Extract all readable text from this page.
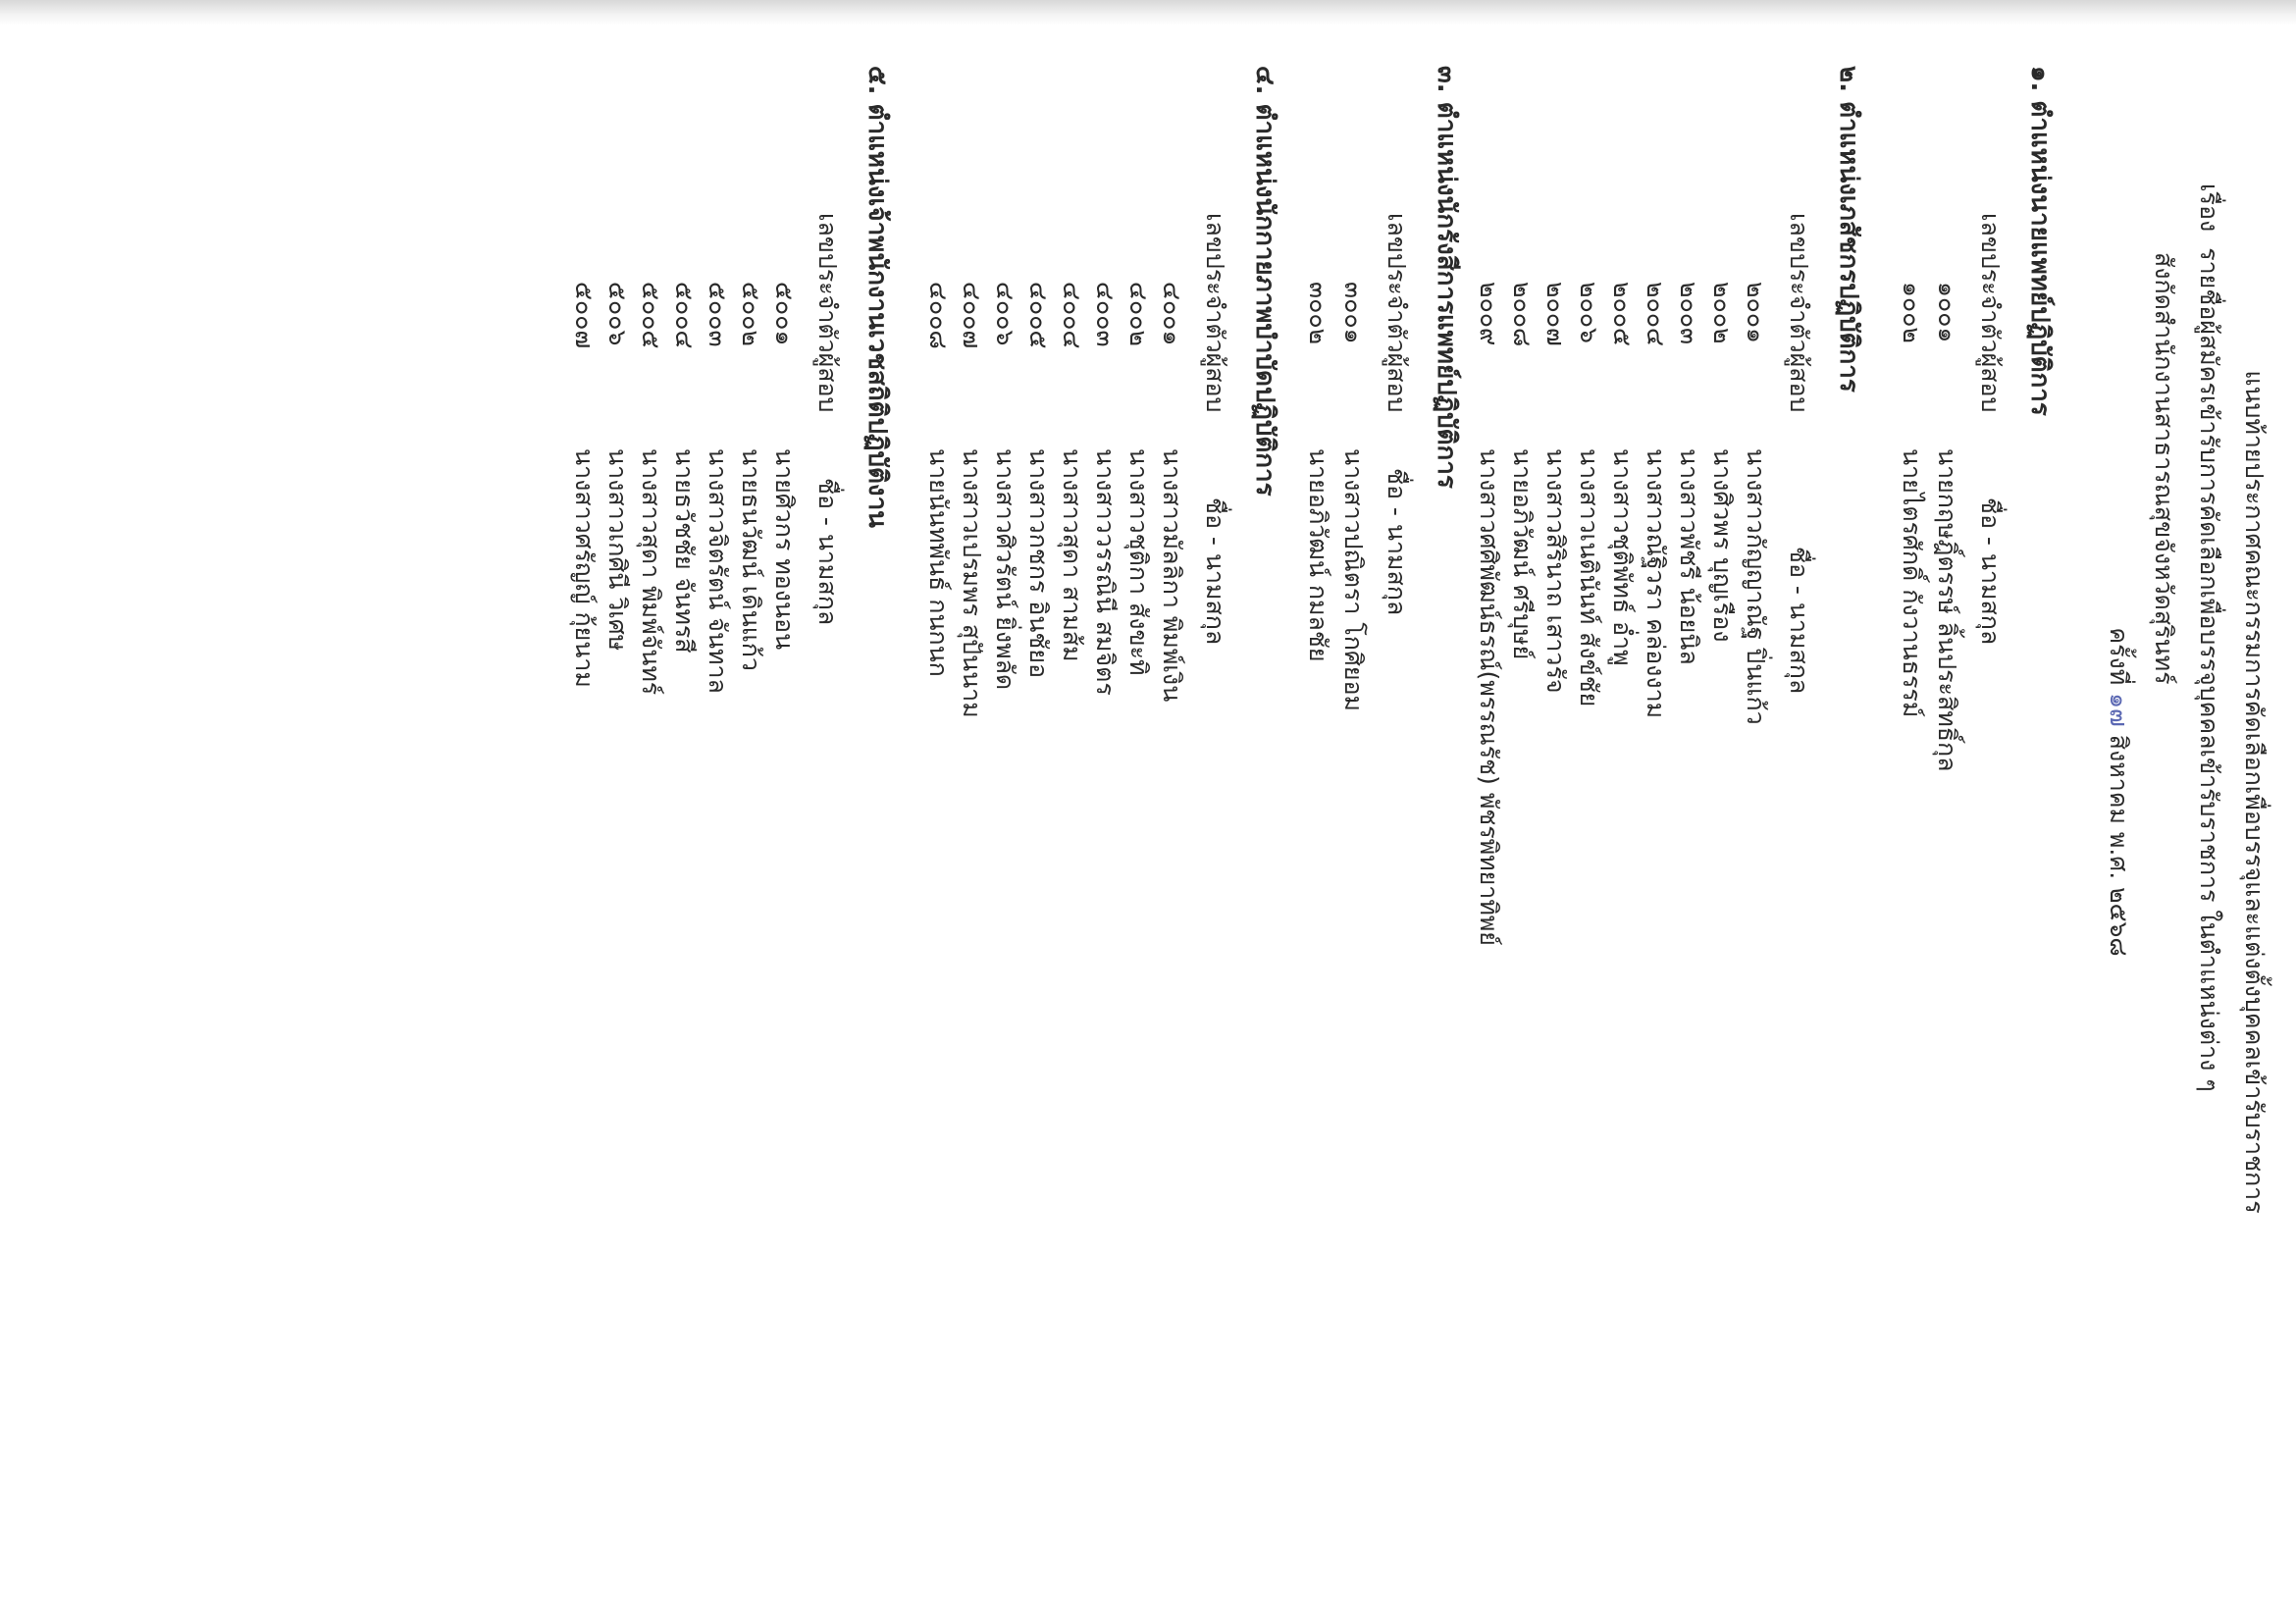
แนบท้ายประกาศคณะกรรมการคัดเลือกเพื่อบรรจุและแต่งตั้งบุคคลเข้ารับราชการ
เรื่องรายชื่อผู้สมัครเข้ารับการคัดเลือกเพื่อบรรจุบุคคลเข้ารับราชการ ในตำแหน่งต่าง ๆ
สังกัดสำนักงานสาธารณสุขจังหวัดสุรินทร์
ครั้งที่ ๑๗ สิงหาคม พ.ศ. ๒๕๖๘
๑. ตำแหน่งนายแพทย์ปฏิบัติการ
เลขประจำตัวผู้สอบ
ชื่อ - นามสกุล
๑๐๐๑
นายกฤษฎิ์ตรรษ์ ลิ้นประสิทธิ์กุล
๑๐๐๒
นายไตรศักดิ์ กังวานธรรม์
๒. ตำแหน่งเภสัชกรปฏิบัติการ
เลขประจำตัวผู้สอบ
ชื่อ - นามสกุล
๒๐๐๑
นางสาวกัญญาณัฐ ปิ่นแก้ว
๒๐๐๒
นางศิวพร บุญเรือง
๒๐๐๓
นางสาวพัชรี น้อยนิล
๒๐๐๔
นางสาวณัฐิวรา คล่องงาม
๒๐๐๕
นางสาวชุติพัทธ์ อ่ำพู
๒๐๐๖
นางสาวเนตินันท์ สังข์ชัย
๒๐๐๗
นางสาวสิรินาถ เสาวรัจ
๒๐๐๘
นายอภิวัฒน์ ศรีบุษย์
๒๐๐๙
นางสาวศศิพัฒน์ธรณ์(พรรณรัช) พัชรพิทยาทิพย์
๓. ตำแหน่งนักรังสีการแพทย์ปฏิบัติการ
เลขประจำตัวผู้สอบ
ชื่อ - นามสกุล
๓๐๐๑
นางสาวปณิตรา โกศิยอม
๓๐๐๒
นายอภิวัฒน์ กมลชัย
๔. ตำแหน่งนักกายภาพบำบัดปฏิบัติการ
เลขประจำตัวผู้สอบ
ชื่อ - นามสกุล
๔๐๐๑
นางสาวมัลลิกา พิมพ์เงิน
๔๐๐๒
นางสาวชุติกา สังขะทิ
๔๐๐๓
นางสาววรรณินี สมจิตร
๔๐๐๔
นางสาวสุดา สามส้ม
๔๐๐๕
นางสาวกชกร อินชัยอ
๔๐๐๖
นางสาวศิวรัตน์ ยิ่งพลัด
๔๐๐๗
นางสาวเปรมพร สุปันนาม
๔๐๐๘
นายนันทพันธ์ กนกนก
๕. ตำแหน่งเจ้าพนักงานเวชสถิติปฏิบัติงาน
เลขประจำตัวผู้สอบ
ชื่อ - นามสกุล
๕๐๐๑
นายศิวกร ทองนอน
๕๐๐๒
นายธนวัฒน์ เดินแก้ว
๕๐๐๓
นางสาวจิตรัตน์ จันทาล
๕๐๐๔
นายธวัชชัย จันทรสี
๕๐๐๕
นางสาวสุดา พิมพ์จันทร์
๕๐๐๖
นางสาวเกศินี วิเศษ
๕๐๐๗
นางสาวศรัญญ์ กุ้ยนาม
